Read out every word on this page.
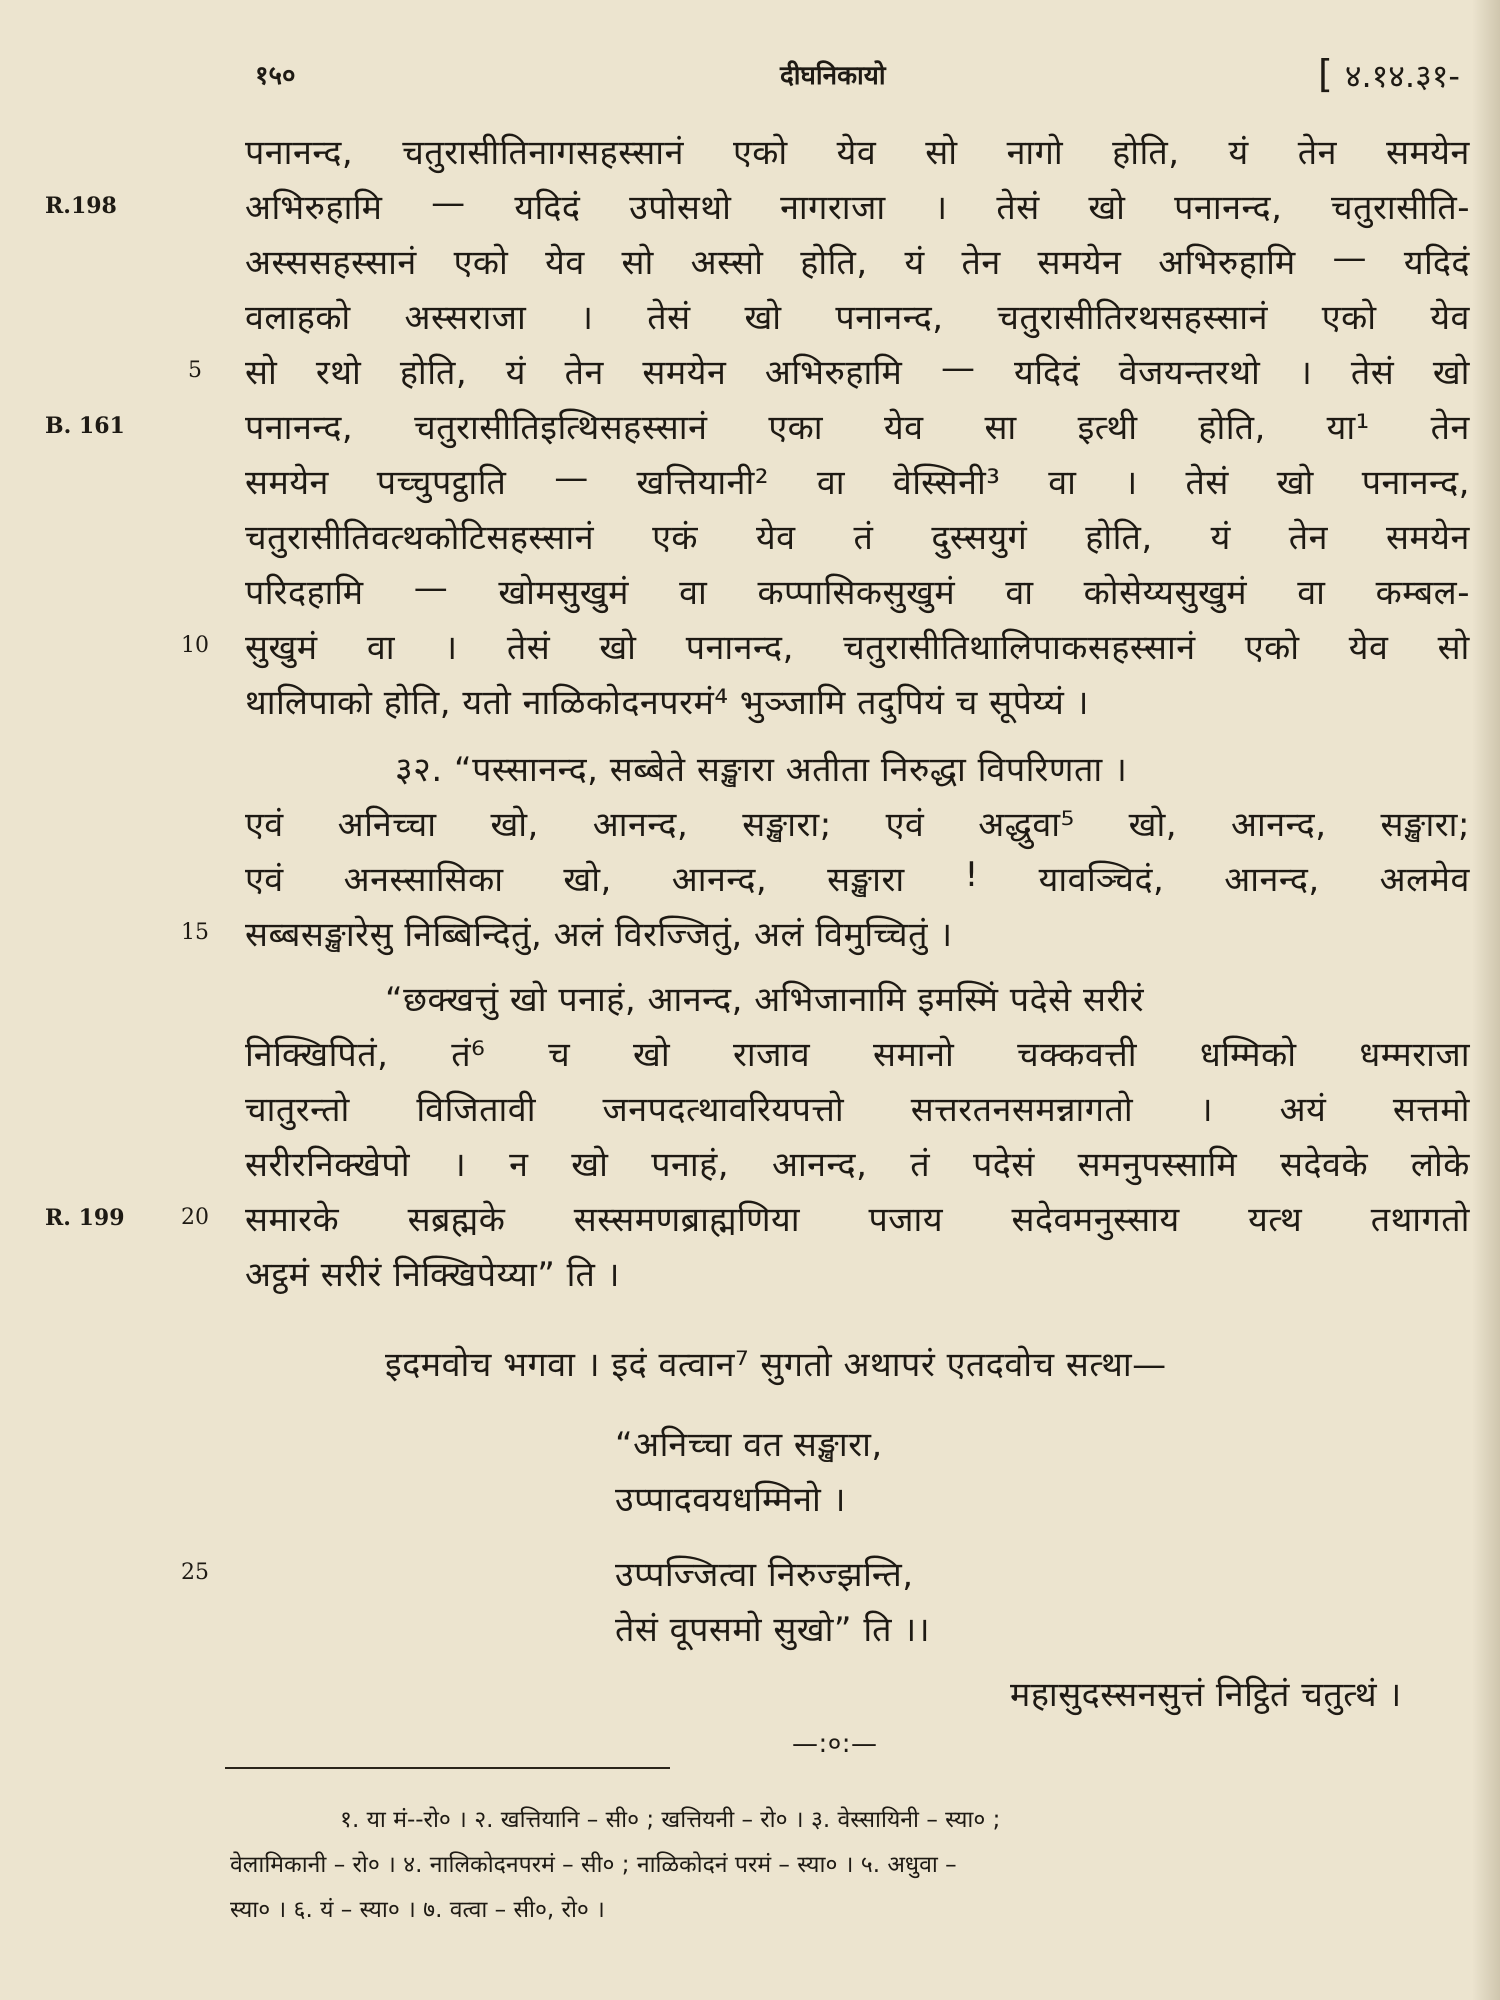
१५०	दीघनिकायो	[ ४.१४.३१-
पनानन्द, चतुरासीतिनागसहस्सानं एको येव सो नागो होति, यं तेन समयेन
R.198	अभिरुहामि — यदिदं उपोसथो नागराजा । तेसं खो पनानन्द, चतुरासीति-
अस्ससहस्सानं एको येव सो अस्सो होति, यं तेन समयेन अभिरुहामि — यदिदं
वलाहको अस्सराजा । तेसं खो पनानन्द, चतुरासीतिरथसहस्सानं एको येव
5	सो रथो होति, यं तेन समयेन अभिरुहामि — यदिदं वेजयन्तरथो । तेसं खो
B. 161	पनानन्द, चतुरासीतिइत्थिसहस्सानं एका येव सा इत्थी होति, या¹ तेन
समयेन पच्चुपट्ठाति — खत्तियानी² वा वेस्सिनी³ वा । तेसं खो पनानन्द,
चतुरासीतिवत्थकोटिसहस्सानं एकं येव तं दुस्सयुगं होति, यं तेन समयेन
परिदहामि — खोमसुखुमं वा कप्पासिकसुखुमं वा कोसेय्यसुखुमं वा कम्बल-
10 सुखुमं वा । तेसं खो पनानन्द, चतुरासीतिथालिपाकसहस्सानं एको येव सो
थालिपाको होति, यतो नाळिकोदनपरमं⁴ भुञ्जामि तदुपियं च सूपेय्यं ।
३२. “पस्सानन्द, सब्बेते सङ्खारा अतीता निरुद्धा विपरिणता ।
एवं अनिच्चा खो, आनन्द, सङ्खारा; एवं अद्धुवा⁵ खो, आनन्द, सङ्खारा;
एवं अनस्सासिका खो, आनन्द, सङ्खारा ! यावञ्चिदं, आनन्द, अलमेव
15 सब्बसङ्खारेसु निब्बिन्दितुं, अलं विरज्जितुं, अलं विमुच्चितुं ।
“छक्खत्तुं खो पनाहं, आनन्द, अभिजानामि इमस्मिं पदेसे सरीरं
निक्खिपितं, तं⁶ च खो राजाव समानो चक्कवत्ती धम्मिको धम्मराजा
चातुरन्तो विजितावी जनपदत्थावरियपत्तो सत्तरतनसमन्नागतो । अयं सत्तमो
सरीरनिक्खेपो । न खो पनाहं, आनन्द, तं पदेसं समनुपस्सामि सदेवके लोके
R. 199	20 समारके सब्रह्मके सस्समणब्राह्मणिया पजाय सदेवमनुस्साय यत्थ तथागतो
अट्ठमं सरीरं निक्खिपेय्या” ति ।
इदमवोच भगवा । इदं वत्वान⁷ सुगतो अथापरं एतदवोच सत्था—
“अनिच्चा वत सङ्खारा,
उप्पादवयधम्मिनो ।
25	उप्पज्जित्वा निरुज्झन्ति,
तेसं वूपसमो सुखो” ति ।।
महासुदस्सनसुत्तं निट्ठितं चतुत्थं ।
—:०:—
१. या मं--रो० । २. खत्तियानि – सी० ; खत्तियनी – रो० । ३. वेस्सायिनी – स्या० ;
वेलामिकानी – रो० । ४. नालिकोदनपरमं – सी० ; नाळिकोदनं परमं – स्या० । ५. अधुवा –
स्या० । ६. यं – स्या० । ७. वत्वा – सी०, रो० ।
